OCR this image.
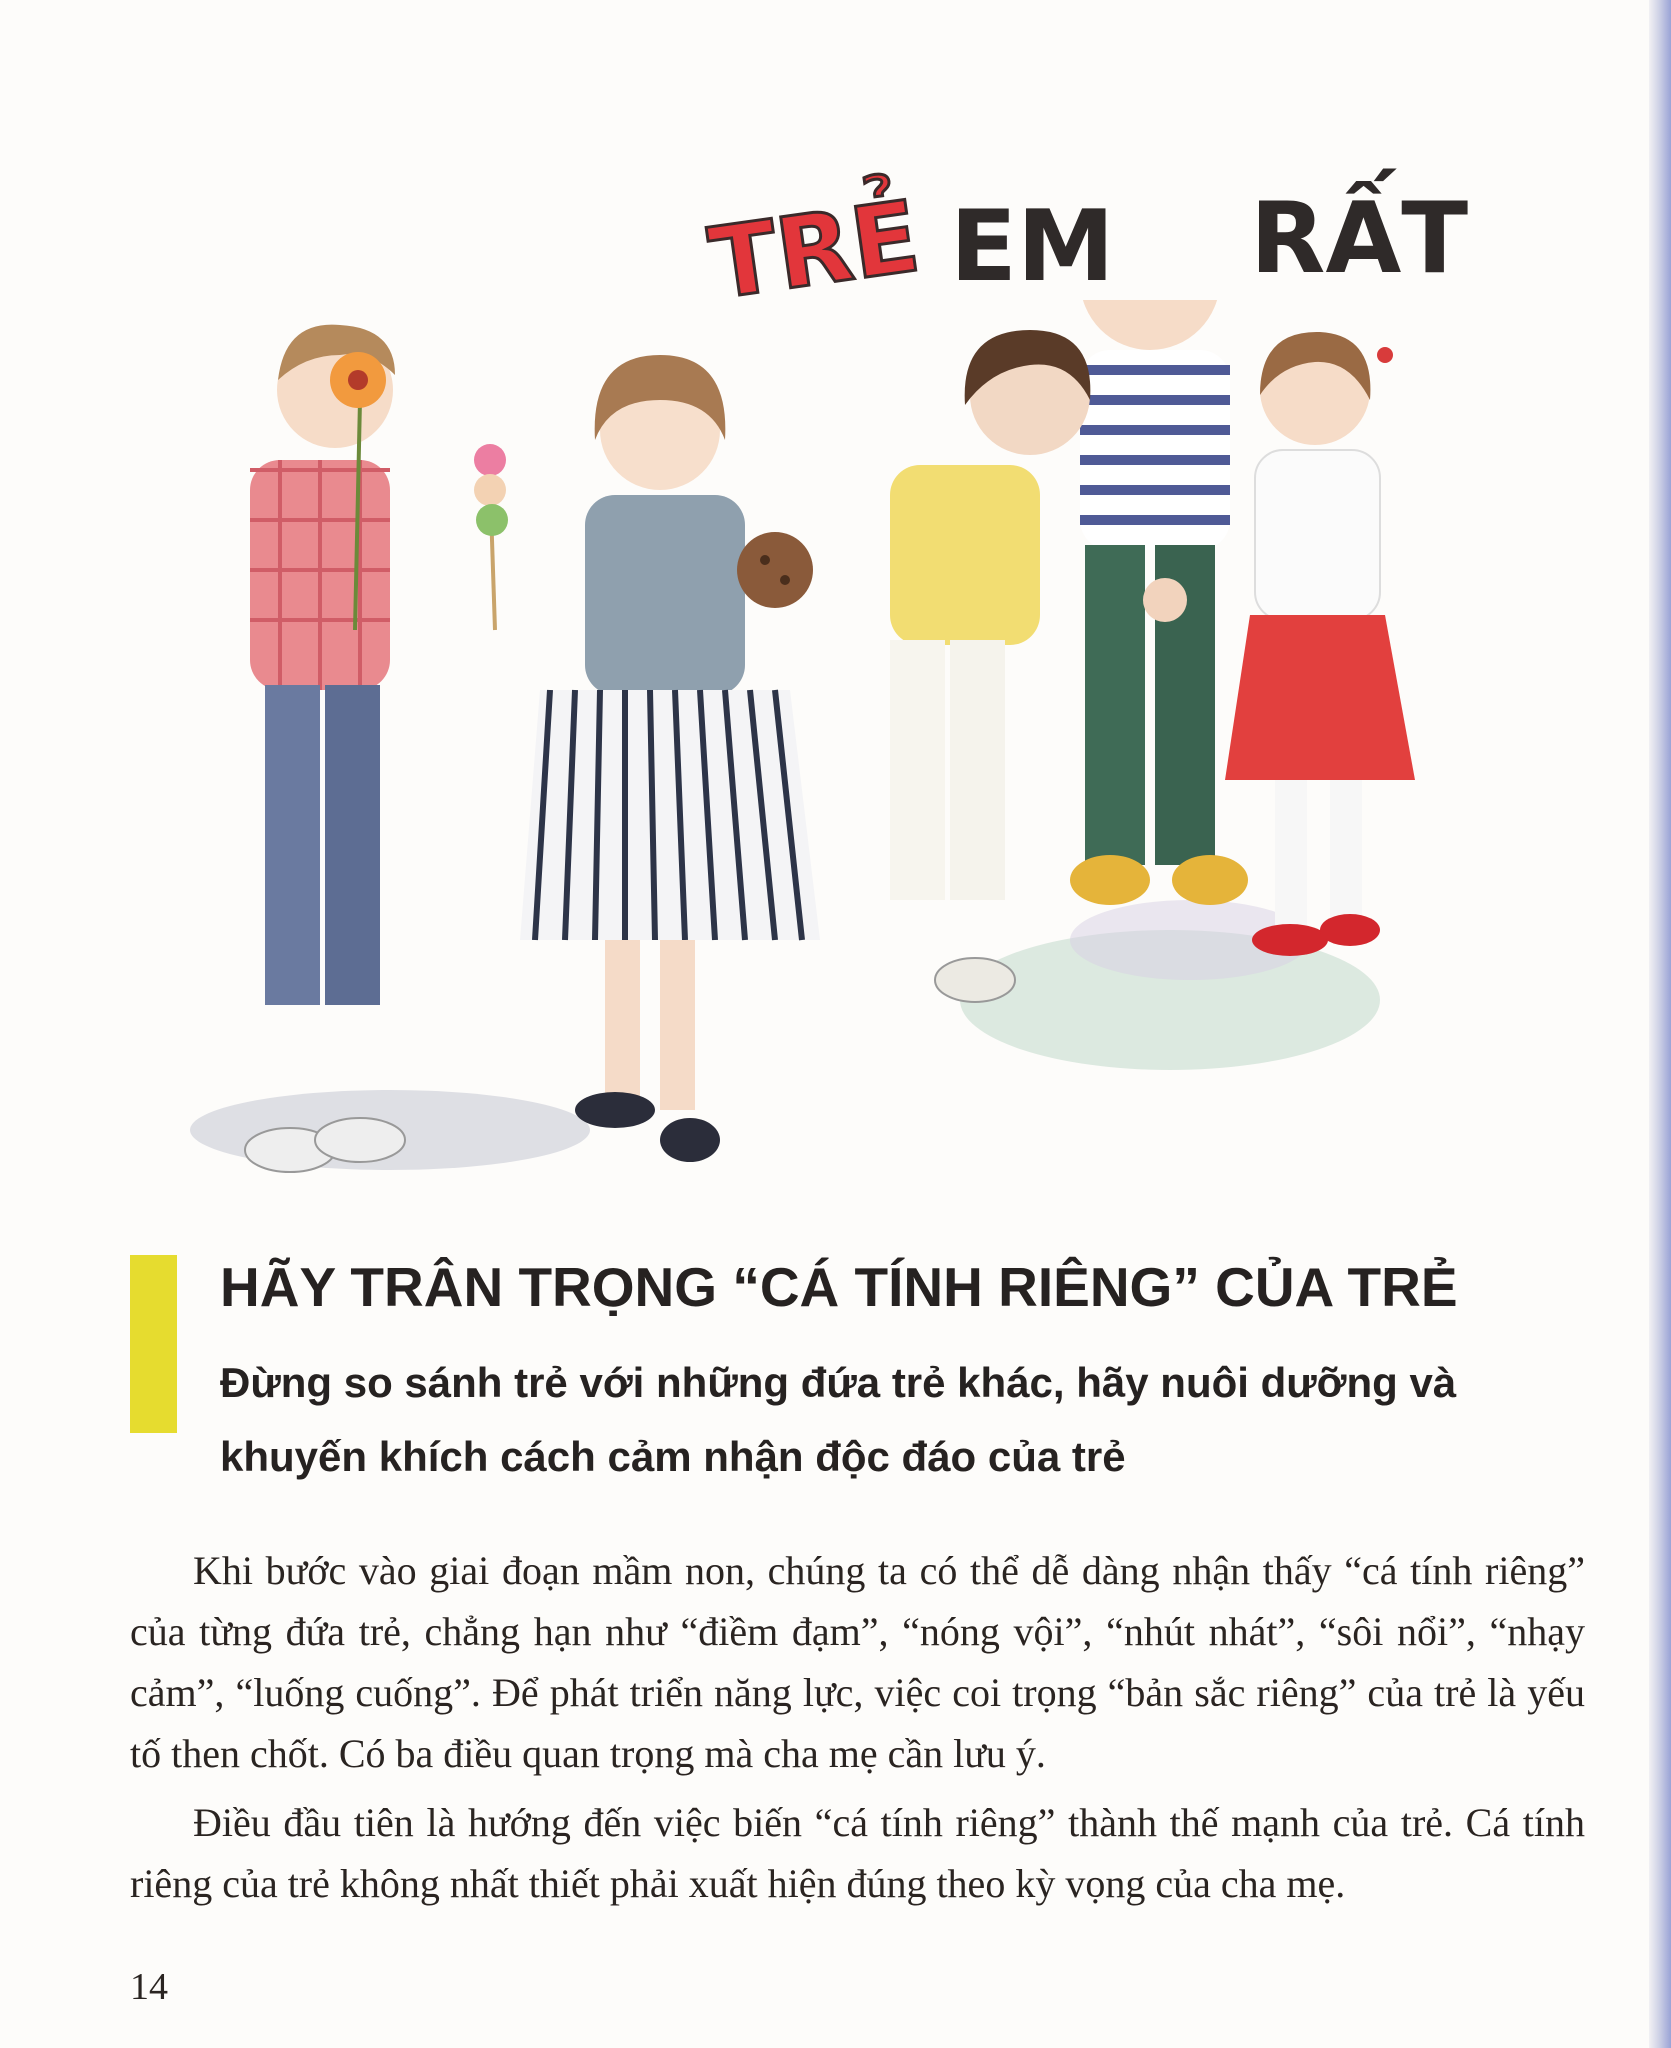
TRẺ EM RẤT
HÃY TRÂN TRỌNG “CÁ TÍNH RIÊNG” CỦA TRẺ
Đừng so sánh trẻ với những đứa trẻ khác, hãy nuôi dưỡng và
khuyến khích cách cảm nhận độc đáo của trẻ

Khi bước vào giai đoạn mầm non, chúng ta có thể dễ dàng nhận thấy “cá tính riêng” của từng đứa trẻ, chẳng hạn như “điềm đạm”, “nóng vội”, “nhút nhát”, “sôi nổi”, “nhạy cảm”, “luống cuống”. Để phát triển năng lực, việc coi trọng “bản sắc riêng” của trẻ là yếu tố then chốt. Có ba điều quan trọng mà cha mẹ cần lưu ý.

Điều đầu tiên là hướng đến việc biến “cá tính riêng” thành thế mạnh của trẻ. Cá tính riêng của trẻ không nhất thiết phải xuất hiện đúng theo kỳ vọng của cha mẹ.

14
